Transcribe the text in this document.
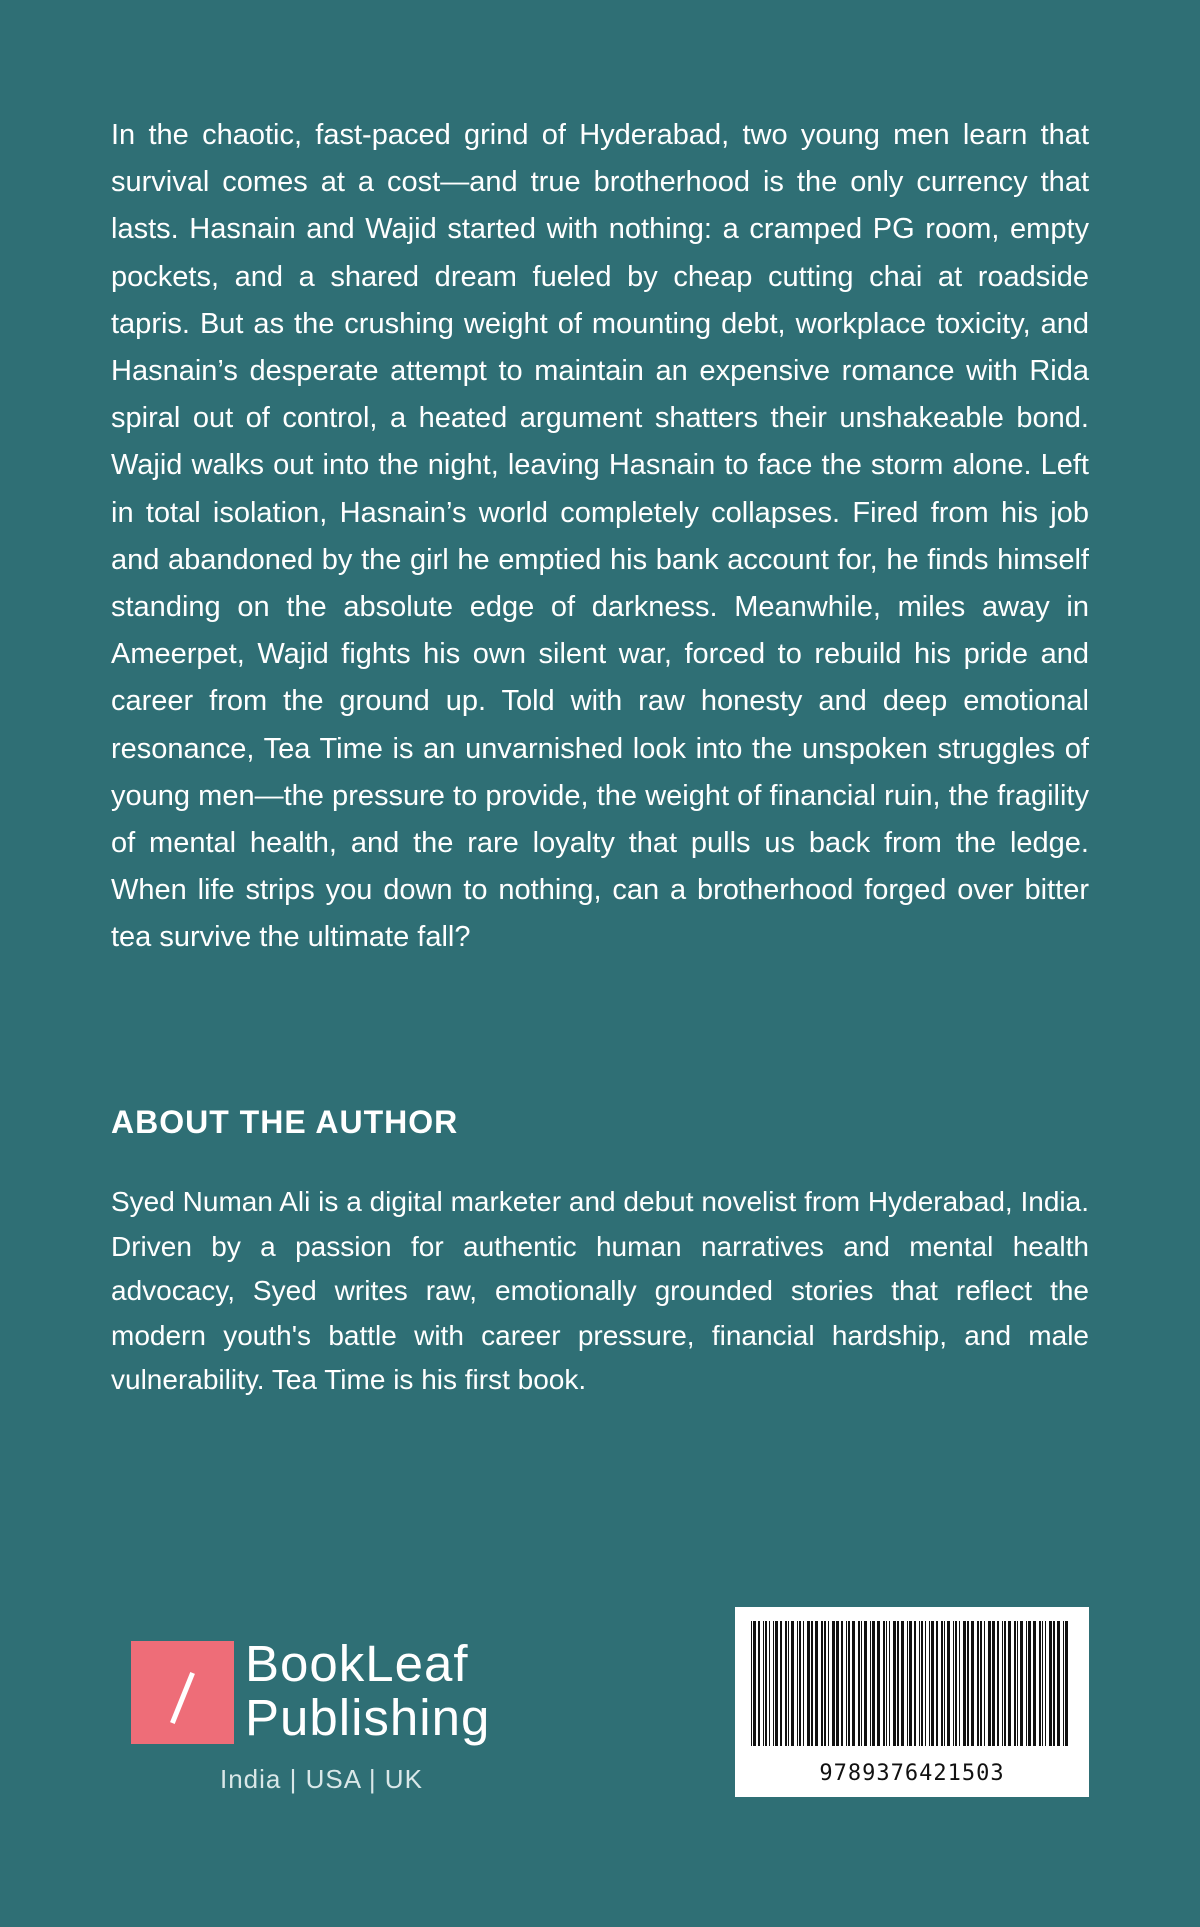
In the chaotic, fast-paced grind of Hyderabad, two young men learn that survival comes at a cost—and true brotherhood is the only currency that lasts. Hasnain and Wajid started with nothing: a cramped PG room, empty pockets, and a shared dream fueled by cheap cutting chai at roadside tapris. But as the crushing weight of mounting debt, workplace toxicity, and Hasnain’s desperate attempt to maintain an expensive romance with Rida spiral out of control, a heated argument shatters their unshakeable bond. Wajid walks out into the night, leaving Hasnain to face the storm alone. Left in total isolation, Hasnain’s world completely collapses. Fired from his job and abandoned by the girl he emptied his bank account for, he finds himself standing on the absolute edge of darkness. Meanwhile, miles away in Ameerpet, Wajid fights his own silent war, forced to rebuild his pride and career from the ground up. Told with raw honesty and deep emotional resonance, Tea Time is an unvarnished look into the unspoken struggles of young men—the pressure to provide, the weight of financial ruin, the fragility of mental health, and the rare loyalty that pulls us back from the ledge. When life strips you down to nothing, can a brotherhood forged over bitter tea survive the ultimate fall?

ABOUT THE AUTHOR

Syed Numan Ali is a digital marketer and debut novelist from Hyderabad, India. Driven by a passion for authentic human narratives and mental health advocacy, Syed writes raw, emotionally grounded stories that reflect the modern youth's battle with career pressure, financial hardship, and male vulnerability. Tea Time is his first book.

BookLeaf
Publishing
India | USA | UK	9789376421503
